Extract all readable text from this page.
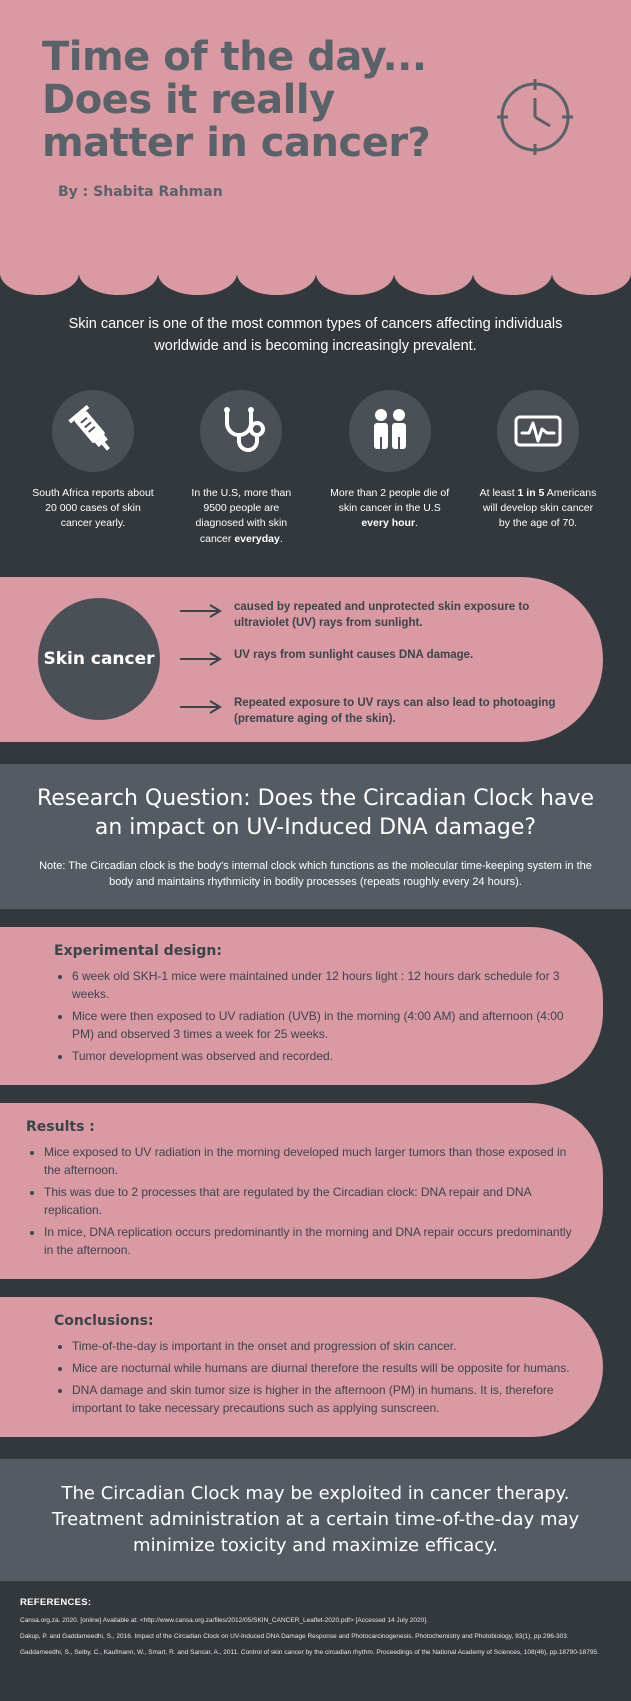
Time of the day... Does it really matter in cancer?
By : Shabita Rahman
Skin cancer is one of the most common types of cancers affecting individuals worldwide and is becoming increasingly prevalent.
South Africa reports about 20 000 cases of skin cancer yearly.
In the U.S, more than 9500 people are diagnosed with skin cancer everyday.
More than 2 people die of skin cancer in the U.S every hour.
At least 1 in 5 Americans will develop skin cancer by the age of 70.
Skin cancer
caused by repeated and unprotected skin exposure to ultraviolet (UV) rays from sunlight.
UV rays from sunlight causes DNA damage.
Repeated exposure to UV rays can also lead to photoaging (premature aging of the skin).
Research Question: Does the Circadian Clock have an impact on UV-Induced DNA damage?
Note: The Circadian clock is the body's internal clock which functions as the molecular time-keeping system in the body and maintains rhythmicity in bodily processes (repeats roughly every 24 hours).
Experimental design:
• 6 week old SKH-1 mice were maintained under 12 hours light : 12 hours dark schedule for 3 weeks.
• Mice were then exposed to UV radiation (UVB) in the morning (4:00 AM) and afternoon (4:00 PM) and observed 3 times a week for 25 weeks.
• Tumor development was observed and recorded.
Results :
• Mice exposed to UV radiation in the morning developed much larger tumors than those exposed in the afternoon.
• This was due to 2 processes that are regulated by the Circadian clock: DNA repair and DNA replication.
• In mice, DNA replication occurs predominantly in the morning and DNA repair occurs predominantly in the afternoon.
Conclusions:
• Time-of-the-day is important in the onset and progression of skin cancer.
• Mice are nocturnal while humans are diurnal therefore the results will be opposite for humans.
• DNA damage and skin tumor size is higher in the afternoon (PM) in humans. It is, therefore important to take necessary precautions such as applying sunscreen.
The Circadian Clock may be exploited in cancer therapy. Treatment administration at a certain time-of-the-day may minimize toxicity and maximize efficacy.
REFERENCES:
Cansa.org.za. 2020. [online] Available at: <http://www.cansa.org.za/files/2012/05/SKIN_CANCER_Leaflet-2020.pdf> [Accessed 14 July 2020].
Dakup, P. and Gaddameedhi, S., 2016. Impact of the Circadian Clock on UV-Induced DNA Damage Response and Photocarcinogenesis. Photochemistry and Photobiology, 93(1), pp.296-303.
Gaddameedhi, S., Selby, C., Kaufmann, W., Smart, R. and Sancar, A., 2011. Control of skin cancer by the circadian rhythm. Proceedings of the National Academy of Sciences, 108(46), pp.18790-18795.
